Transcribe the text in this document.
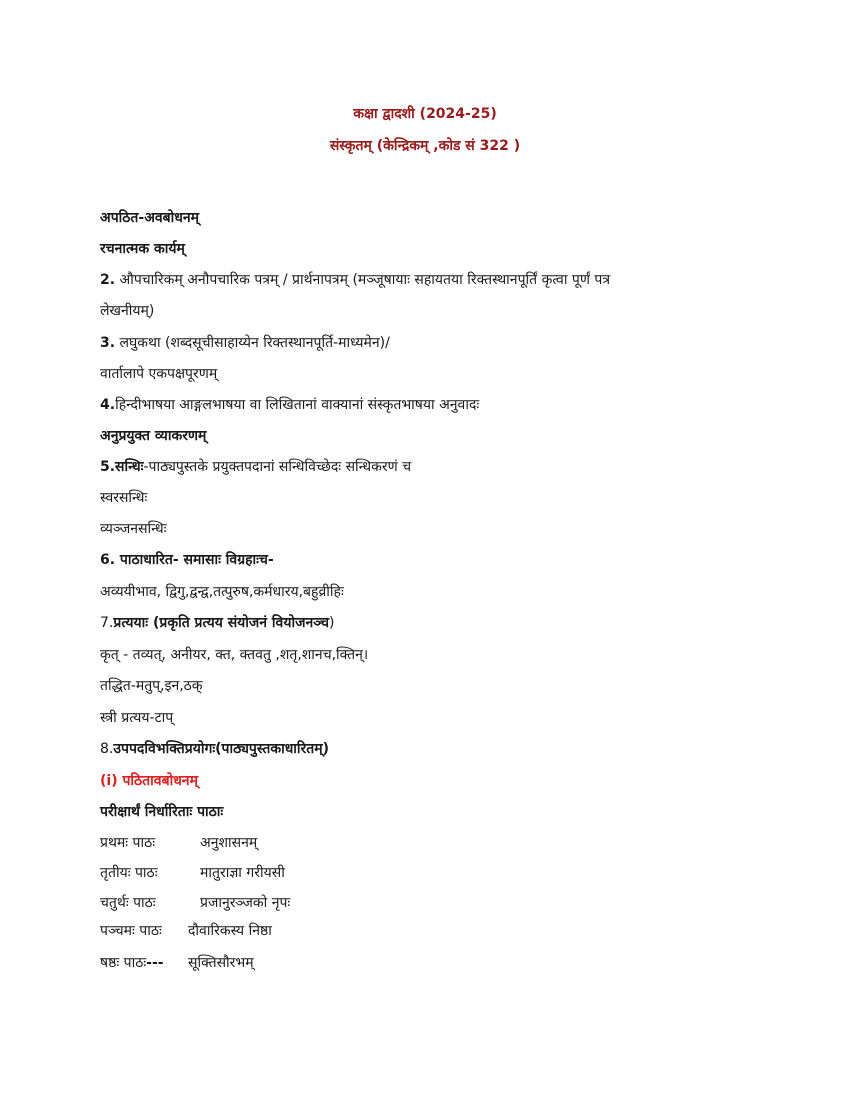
कक्षा द्वादशी (2024-25)
संस्कृतम् (केन्द्रिकम् ,कोड सं 322 )
अपठित-अवबोधनम्
रचनात्मक कार्यम्
2. औपचारिकम् अनौपचारिक पत्रम् / प्रार्थनापत्रम् (मञ्जूषायाः सहायतया रिक्तस्थानपूर्तिं कृत्वा पूर्णं पत्र
लेखनीयम्)
3. लघुकथा (शब्दसूचीसाहाय्येन रिक्तस्थानपूर्ति-माध्यमेन)/
वार्तालापे एकपक्षपूरणम्
4.हिन्दीभाषया आङ्गलभाषया वा लिखितानां वाक्यानां संस्कृतभाषया अनुवादः
अनुप्रयुक्त व्याकरणम्
5.सन्धिः-पाठ्यपुस्तके प्रयुक्तपदानां सन्धिविच्छेदः सन्धिकरणं च
स्वरसन्धिः
व्यञ्जनसन्धिः
6. पाठाधारित- समासाः विग्रहाःच-
अव्ययीभाव, द्विगु,द्वन्द्व,तत्पुरुष,कर्मधारय,बहुव्रीहिः
7.प्रत्ययाः (प्रकृति प्रत्यय संयोजनं वियोजनञ्च)
कृत् - तव्यत्, अनीयर, क्त, क्तवतु ,शतृ,शानच,क्तिन्।
तद्धित-मतुप्,इन,ठक्
स्त्री प्रत्यय-टाप्
8.उपपदविभक्तिप्रयोगः(पाठ्यपुस्तकाधारितम्)
(i) पठितावबोधनम्
परीक्षार्थं निर्धारिताः पाठाः
प्रथमः पाठः	अनुशासनम्
तृतीयः पाठः	मातुराज्ञा गरीयसी
चतुर्थः पाठः	प्रजानुरञ्जको नृपः
पञ्चमः पाठः दौवारिकस्य निष्ठा
षष्ठः पाठः--- सूक्तिसौरभम्
